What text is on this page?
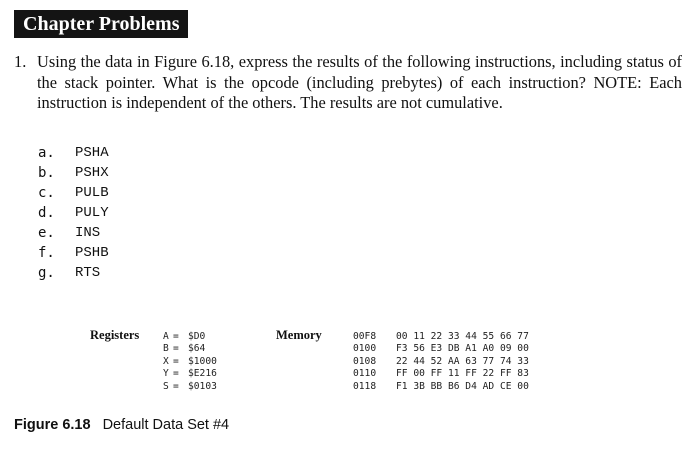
Chapter Problems
1. Using the data in Figure 6.18, express the results of the following instructions, including status of the stack pointer. What is the opcode (including prebytes) of each instruction? NOTE: Each instruction is independent of the others. The results are not cumulative.
a.	PSHA
b.	PSHX
c.	PULB
d.	PULY
e.	INS
f.	PSHB
g.	RTS
Registers A = $D0
B = $64
X = $1000
Y = $E216
S = $0103
Memory	00F8 00 11 22 33 44 55 66 77
0100 F3 56 E3 DB A1 A0 09 00
0108 22 44 52 AA 63 77 74 33
0110 FF 00 FF 11 FF 22 FF 83
0118 F1 3B BB B6 D4 AD CE 00
Figure 6.18 Default Data Set #4
